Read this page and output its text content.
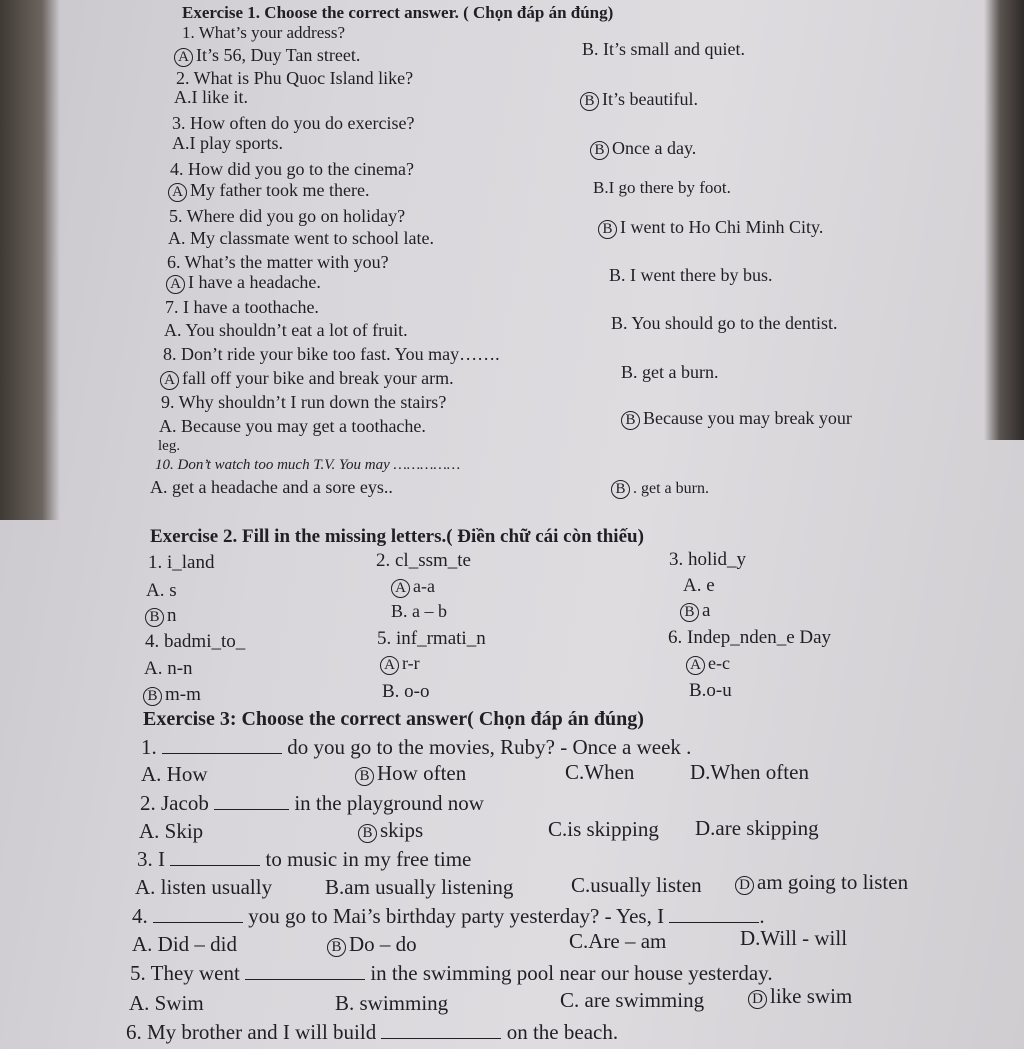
Exercise 1. Choose the correct answer. ( Chọn đáp án đúng)
1. What’s your address?
A It’s 56, Duy Tan street.	B. It’s small and quiet.
2. What is Phu Quoc Island like?
A.I like it.	B It’s beautiful.
3. How often do you do exercise?
A.I play sports.	B Once a day.
4. How did you go to the cinema?
A My father took me there.	B.I go there by foot.
5. Where did you go on holiday?
A. My classmate went to school late.	B I went to Ho Chi Minh City.
6. What’s the matter with you?
A I have a headache.	B. I went there by bus.
7. I have a toothache.
A. You shouldn’t eat a lot of fruit.	B. You should go to the dentist.
8. Don’t ride your bike too fast. You may…….
A fall off your bike and break your arm.	B. get a burn.
9. Why shouldn’t I run down the stairs?
A. Because you may get a toothache.	B Because you may break your
leg.
10. Don’t watch too much T.V. You may ……………
A. get a headache and a sore eys..	B . get a burn.
Exercise 2. Fill in the missing letters.( Điền chữ cái còn thiếu)
1. i_land	2. cl_ssm_te	3. holid_y
A. s	A a-a	A. e
B n	B. a – b	B a
4. badmi_to_	5. inf_rmati_n	6. Indep_nden_e Day
A. n-n	A r-r	A e-c
B m-m	B. o-o	B.o-u
Exercise 3: Choose the correct answer( Chọn đáp án đúng)
1.	do you go to the movies, Ruby? - Once a week .
A. How	B How often	C.When	D.When often
2. Jacob	in the playground now
A. Skip	B skips	C.is skipping D.are skipping
3. I	to music in my free time
A. listen usually	B.am usually listening	C.usually listen D am going to listen
4.	you go to Mai’s birthday party yesterday? - Yes, I	.
A. Did – did	B Do – do	C.Are – am	D.Will - will
5. They went	in the swimming pool near our house yesterday.
A. Swim	B. swimming	C. are swimming	D like swim
6. My brother and I will build	on the beach.
